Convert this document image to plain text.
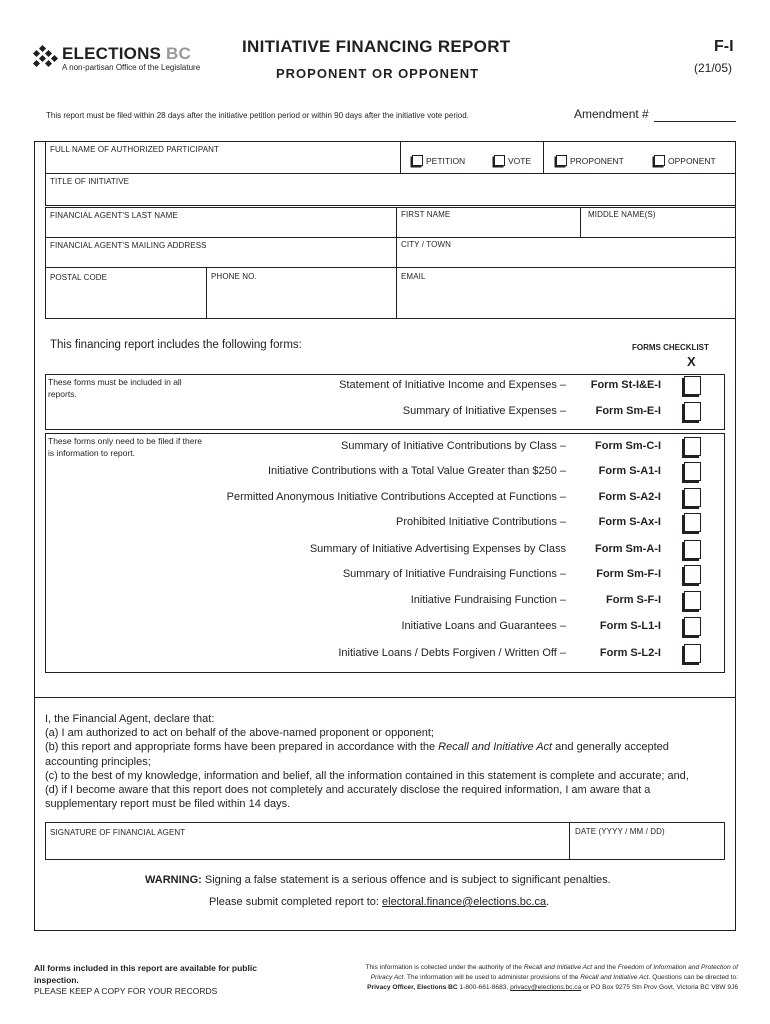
ELECTIONS BC
A non-partisan Office of the Legislature
INITIATIVE FINANCING REPORT
PROPONENT OR OPPONENT
F-I
(21/05)
This report must be filed within 28 days after the initiative petition period or within 90 days after the initiative vote period.	Amendment #
FULL NAME OF AUTHORIZED PARTICIPANT
PETITION	VOTE	PROPONENT	OPPONENT
TITLE OF INITIATIVE
FINANCIAL AGENT'S LAST NAME	FIRST NAME	MIDDLE NAME(S)
FINANCIAL AGENT'S MAILING ADDRESS	CITY / TOWN
POSTAL CODE	PHONE NO.	EMAIL
This financing report includes the following forms:	FORMS CHECKLIST
X
These forms must be included in all reports.
These forms only need to be filed if there is information to report.
Statement of Initiative Income and Expenses –	Form St-I&E-I
Summary of Initiative Expenses –	Form Sm-E-I
Summary of Initiative Contributions by Class –	Form Sm-C-I
Initiative Contributions with a Total Value Greater than $250 –	Form S-A1-I
Permitted Anonymous Initiative Contributions Accepted at Functions –	Form S-A2-I
Prohibited Initiative Contributions –	Form S-Ax-I
Summary of Initiative Advertising Expenses by Class	Form Sm-A-I
Summary of Initiative Fundraising Functions –	Form Sm-F-I
Initiative Fundraising Function –	Form S-F-I
Initiative Loans and Guarantees –	Form S-L1-I
Initiative Loans / Debts Forgiven / Written Off –	Form S-L2-I

I, the Financial Agent, declare that:

(a) I am authorized to act on behalf of the above-named proponent or opponent;

(b) this report and appropriate forms have been prepared in accordance with the Recall and Initiative Act and generally accepted

accounting principles;

(c) to the best of my knowledge, information and belief, all the information contained in this statement is complete and accurate; and,

(d) if I become aware that this report does not completely and accurately disclose the required information, I am aware that a

supplementary report must be filed within 14 days.

SIGNATURE OF FINANCIAL AGENT	DATE (YYYY / MM / DD)
WARNING: Signing a false statement is a serious offence and is subject to significant penalties.
Please submit completed report to: electoral.finance@elections.bc.ca.
All forms included in this report are available for public
inspection.
PLEASE KEEP A COPY FOR YOUR RECORDS
This information is collected under the authority of the Recall and Initiative Act and the Freedom of Information and Protection of
Privacy Act. The information will be used to administer provisions of the Recall and Initiative Act. Questions can be directed to:
Privacy Officer, Elections BC 1-800-661-8683, privacy@elections.bc.ca or PO Box 9275 Stn Prov Govt, Victoria BC V8W 9J6
